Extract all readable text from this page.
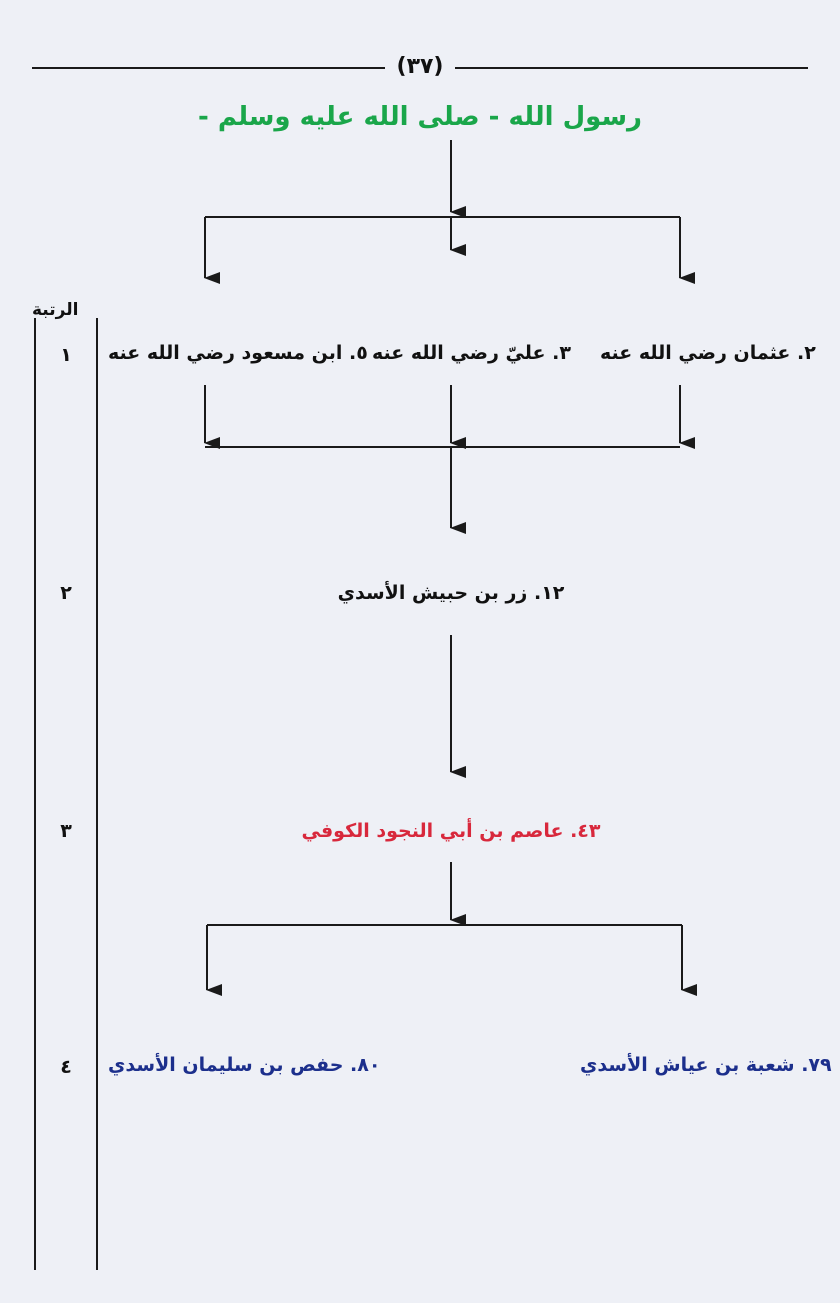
(٣٧)
رسول الله - صلى الله عليه وسلم -
٢. عثمان رضي الله عنه
٣. عليّ رضي الله عنه
٥. ابن مسعود رضي الله عنه
١٢. زر بن حبيش الأسدي
٤٣. عاصم بن أبي النجود الكوفي
٧٩. شعبة بن عياش الأسدي
٨٠. حفص بن سليمان الأسدي
الرتبة
١
٢
٣
٤
